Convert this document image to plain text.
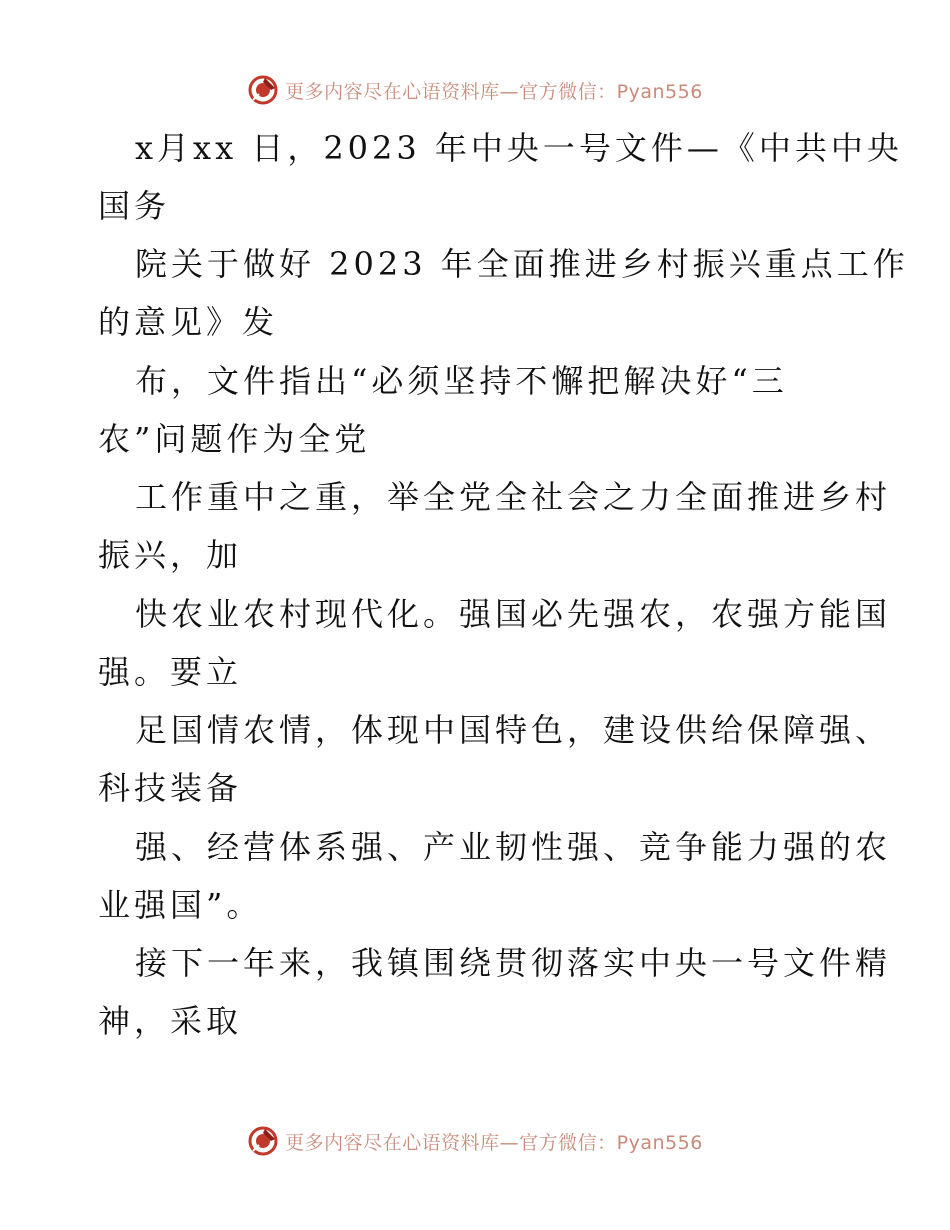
更多内容尽在心语资料库—官方微信：Pyan556
x月xx 日，2023 年中央一号文件—《中共中央
国务
院关于做好 2023 年全面推进乡村振兴重点工作
的意见》发
布，文件指出“必须坚持不懈把解决好“三
农”问题作为全党
工作重中之重，举全党全社会之力全面推进乡村
振兴，加
快农业农村现代化。强国必先强农，农强方能国
强。要立
足国情农情，体现中国特色，建设供给保障强、
科技装备
强、经营体系强、产业韧性强、竞争能力强的农
业强国”。
接下一年来，我镇围绕贯彻落实中央一号文件精
神，采取
更多内容尽在心语资料库—官方微信：Pyan556
